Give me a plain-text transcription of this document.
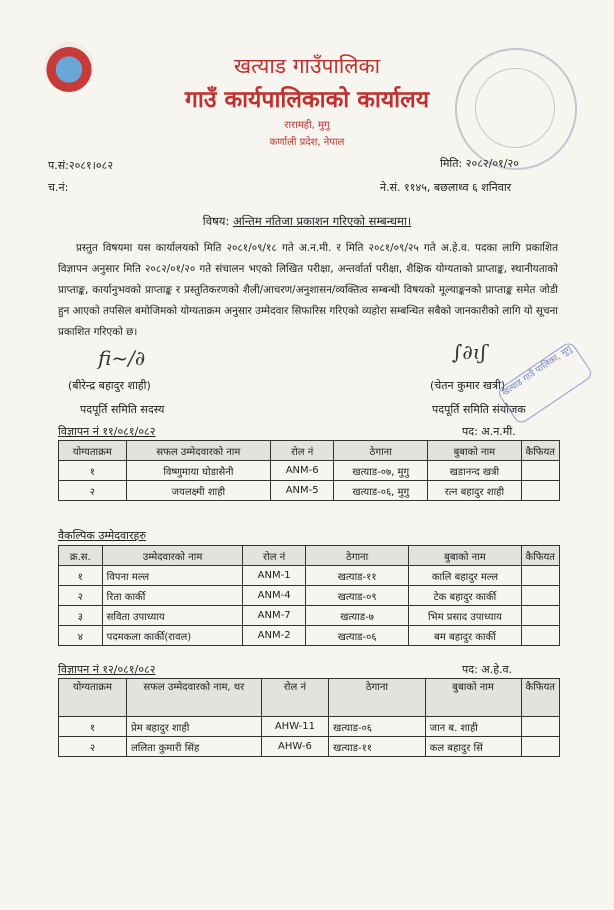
खत्याड गाउँपालिका
गाउँ कार्यपालिकाको कार्यालय
रारामही, मुगु
कर्णाली प्रदेश, नेपाल
प.सं:२०८१।०८२
च.नं:
मिति: २०८२/०१/२०
ने.सं. ११४५, बछलाथ्व ६ शनिवार
विषय: अन्तिम नतिजा प्रकाशन गरिएको सम्बन्धमा।
प्रस्तुत विषयमा यस कार्यालयको मिति २०८१/०९/१८ गते अ.न.मी. र मिति २०८१/०९/२५ गते अ.हे.व. पदका लागि प्रकाशित विज्ञापन अनुसार मिति २०८२/०१/२० गते संचालन भएको लिखित परीक्षा, अन्तर्वार्ता परीक्षा, शैक्षिक योग्यताको प्राप्ताङ्क, स्थानीयताको प्राप्ताङ्क, कार्यानुभवको प्राप्ताङ्क र प्रस्तुतिकरणको शैली/आचरण/अनुशासन/व्यक्तित्व सम्बन्धी विषयको मूल्याङ्कनको प्राप्ताङ्क समेत जोडी हुन आएको तपसिल बमोजिमको योग्यताक्रम अनुसार उम्मेदवार सिफारिस गरिएको व्यहोरा सम्बन्धित सबैको जानकारीको लागि यो सूचना प्रकाशित गरिएको छ।
ﬁ~∕∂	∫∂ɩʃ
(बीरेन्द्र बहादुर शाही)
पदपूर्ति समिति सदस्य
(चेतन कुमार खत्री)
पदपूर्ति समिति संयोजक
खत्याड गाउँ पालिका, मुगु
विज्ञापन नं ११/०८१/०८२	पद: अ.न.मी.
योग्यताक्रम	सफल उम्मेदवारको नाम	रोल नं	ठेगाना	बुबाको नाम	कैफियत
१	विष्णुमाया घोडासैनी	ANM-6	खत्याड-०७, मुगु	खडानन्द खत्री	
२	जयलक्ष्मी शाही	ANM-5	खत्याड-०६, मुगु	रत्न बहादुर शाही	
वैकल्पिक उम्मेदवारहरु
क्र.स.	उम्मेदवारको नाम	रोल नं	ठेगाना	बुबाको नाम	कैफियत
१	विपना मल्ल	ANM-1	खत्याड-११	कालि बहादुर मल्ल	
२	रिता कार्की	ANM-4	खत्याड-०९	टेक बहादुर कार्की	
३	सविता उपाध्याय	ANM-7	खत्याड-७	भिम प्रसाद उपाध्याय	
४	पदमकला कार्की(रावल)	ANM-2	खत्याड-०६	बम बहादुर कार्की	
विज्ञापन नं १२/०८१/०८२	पद: अ.हे.व.
योग्यताक्रम	सफल उम्मेदवारको नाम, थर	रोल नं	ठेगाना	बुबाको नाम	कैफियत
१	प्रेम बहादुर शाही	AHW-11	खत्याड-०६	जान ब. शाही	
२	ललिता कुमारी सिंह	AHW-6	खत्याड-११	कल बहादुर सिं	
